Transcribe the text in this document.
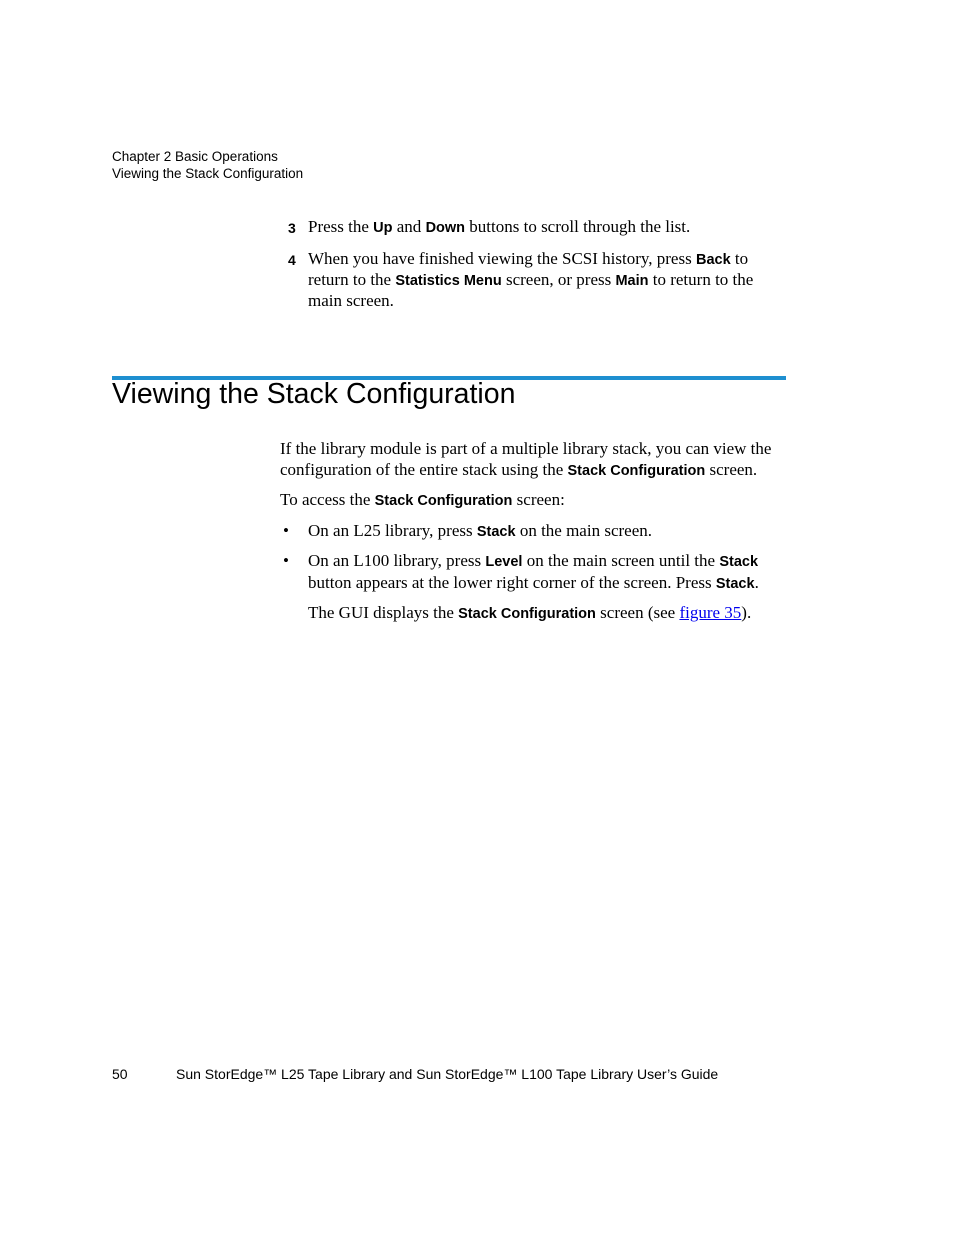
Chapter 2 Basic Operations
Viewing the Stack Configuration
3 Press the Up and Down buttons to scroll through the list.
4 When you have finished viewing the SCSI history, press Back to return to the Statistics Menu screen, or press Main to return to the main screen.
Viewing the Stack Configuration

If the library module is part of a multiple library stack, you can view the configuration of the entire stack using the Stack Configuration screen.

To access the Stack Configuration screen:

• On an L25 library, press Stack on the main screen.
• On an L100 library, press Level on the main screen until the Stack button appears at the lower right corner of the screen. Press Stack.

The GUI displays the Stack Configuration screen (see figure 35).

50	Sun StorEdge™ L25 Tape Library and Sun StorEdge™ L100 Tape Library User’s Guide
